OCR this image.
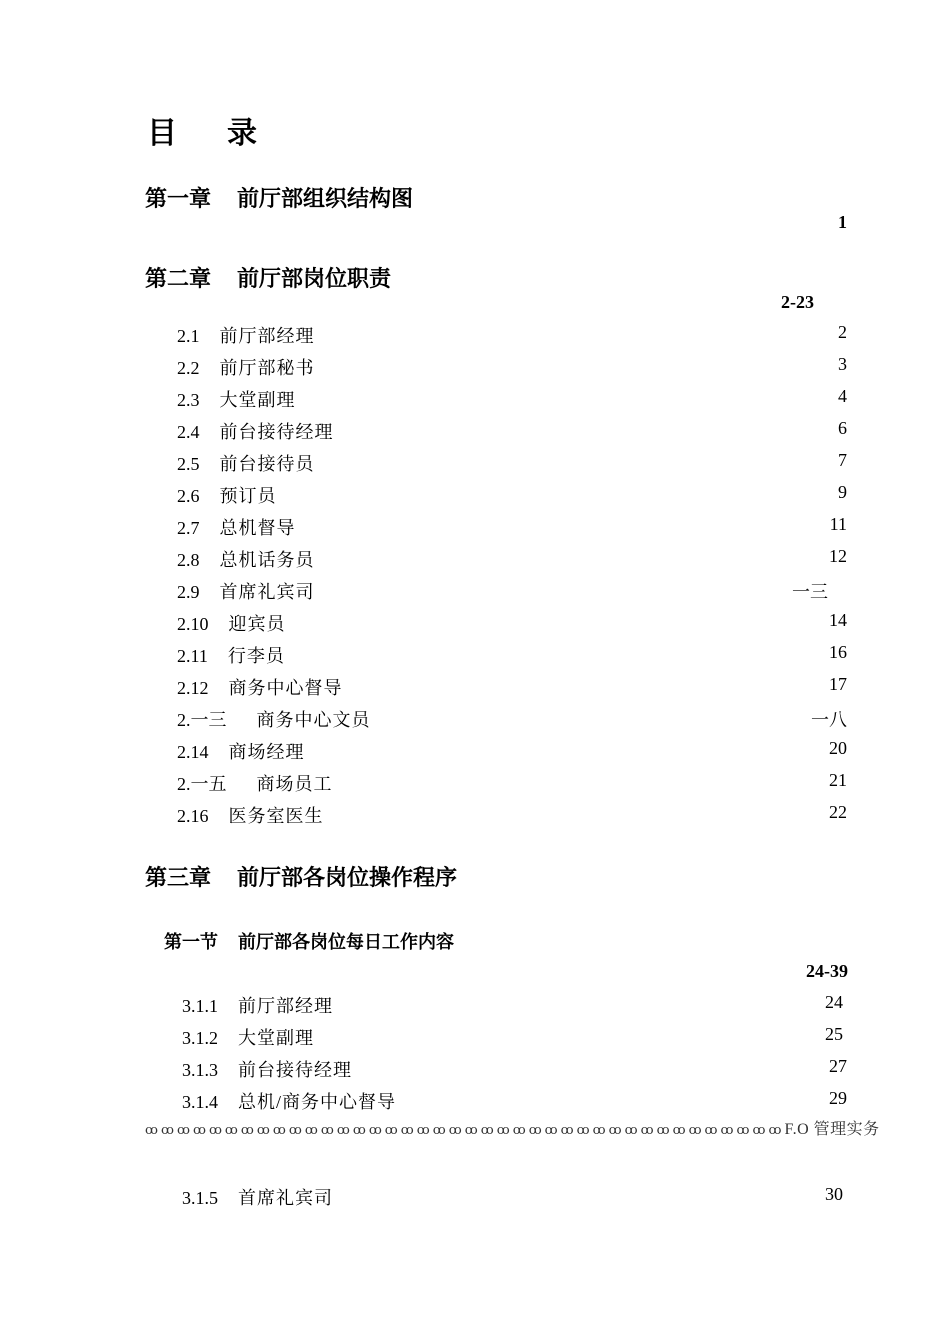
目 录
第一章 前厅部组织结构图
1
第二章 前厅部岗位职责
2-23
2.1 前厅部经理	2
2.2 前厅部秘书	3
2.3 大堂副理	4
2.4 前台接待经理	6
2.5 前台接待员	7
2.6 预订员	9
2.7 总机督导	11
2.8 总机话务员	12
2.9 首席礼宾司	一三
2.10 迎宾员	14
2.11 行李员	16
2.12 商务中心督导	17
2.一三 商务中心文员	一八
2.14 商场经理	20
2.一五 商场员工	21
2.16 医务室医生	22
第三章 前厅部各岗位操作程序
第一节 前厅部各岗位每日工作内容
24-39
3.1.1 前厅部经理	24
3.1.2 大堂副理	25
3.1.3 前台接待经理	27
3.1.4 总机/商务中心督导	29
3.1.5 首席礼宾司	30
ꝏꝏꝏꝏꝏꝏꝏꝏꝏꝏꝏꝏꝏꝏꝏꝏꝏꝏꝏꝏꝏꝏꝏꝏꝏꝏꝏꝏꝏꝏꝏꝏꝏꝏꝏꝏꝏꝏꝏꝏF.O 管理实务
